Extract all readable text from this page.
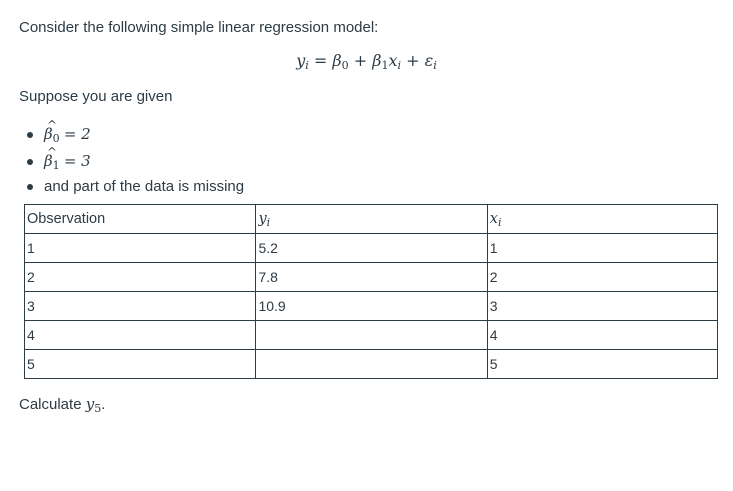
Consider the following simple linear regression model:
$y_i = \beta_0 + \beta_1x_i + \varepsilon_i$
Suppose you are given
^ $\beta_0 = 2$
^ $\beta_1 = 3$
and part of the data is missing
Observation	$y_i$	$x_i$
1	5.2	1
2	7.8	2
3	10.9	3
4		4
5		5
Calculate $y_5$.
